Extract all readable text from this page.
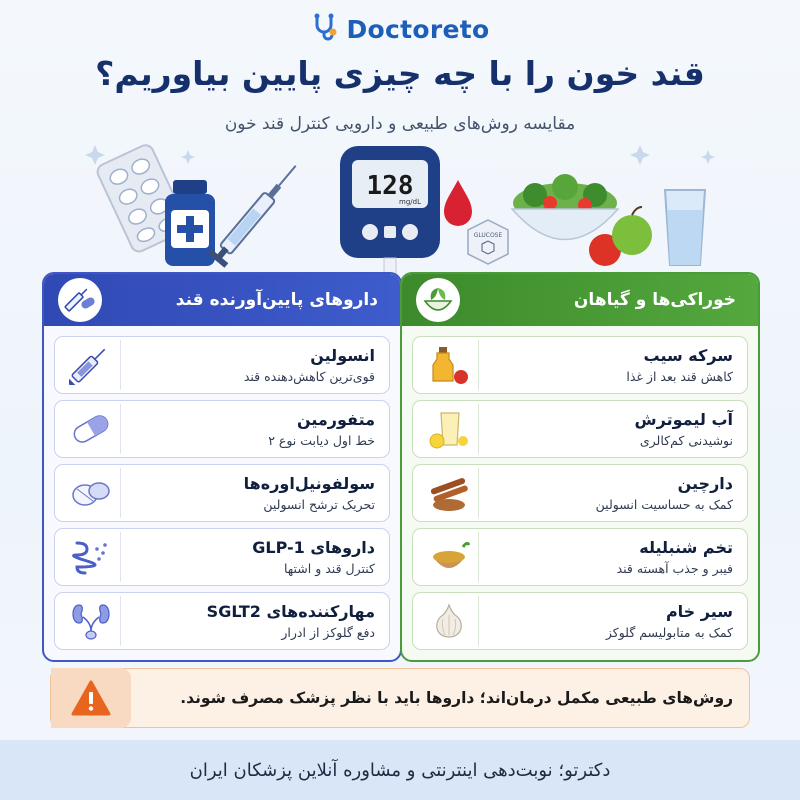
Doctoreto
قند خون را با چه چیزی پایین بیاوریم؟
مقایسه روش‌های طبیعی و دارویی کنترل قند خون
128
mg/dL
GLUCOSE
داروهای پایین‌آورنده قند
انسولین
قوی‌ترین کاهش‌دهنده قند
متفورمین
خط اول دیابت نوع ۲
سولفونیل‌اوره‌ها
تحریک ترشح انسولین
داروهای GLP-1
کنترل قند و اشتها
مهارکننده‌های SGLT2
دفع گلوکز از ادرار
خوراکی‌ها و گیاهان
سرکه سیب
کاهش قند بعد از غذا
آب لیموترش
نوشیدنی کم‌کالری
دارچین
کمک به حساسیت انسولین
تخم شنبلیله
فیبر و جذب آهسته قند
سیر خام
کمک به متابولیسم گلوکز
روش‌های طبیعی مکمل درمان‌اند؛ داروها باید با نظر پزشک مصرف شوند.
دکترتو؛ نوبت‌دهی اینترنتی و مشاوره آنلاین پزشکان ایران
